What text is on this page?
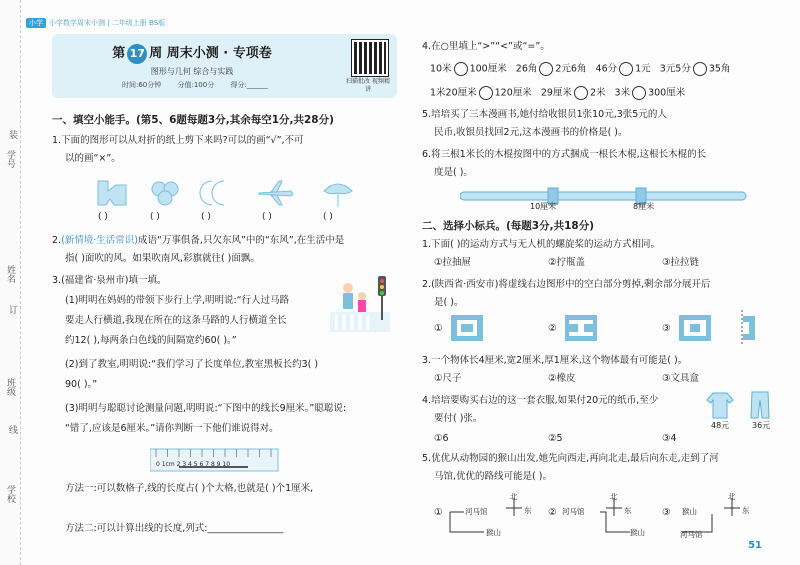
学号
姓名
班级
学校
装
订
线
小学 小学数学周末小测 | 二年级上册 BS版
第 17 周 周末小测 · 专项卷
图形与几何 综合与实践
时间:60分钟 分值:100分 得分:______	扫描批改 视频精讲
一、填空小能手。(第5、6题每题3分,其余每空1分,共28分)
1.下面的图形可以从对折的纸上剪下来吗?可以的画“√”,不可
以的画“×”。
( )	( )	( )	( )	( )
2.(新情境·生活常识)成语“万事俱备,只欠东风”中的“东风”,在生活中是
指( )面吹的风。如果吹南风,彩旗就往( )面飘。
3.(福建省·泉州市)填一填。
(1)明明在妈妈的带领下步行上学,明明说:“行人过马路
要走人行横道,我现在所在的这条马路的人行横道全长
约12( ),每两条白色线的间隔宽约60( )。”
(2)到了教室,明明说:“我们学习了长度单位,教室黑板长约3( )
90( )。”
(3)明明与聪聪讨论测量问题,明明说:“下图中的线长9厘米。”聪聪说:
“错了,应该是6厘米。”请你判断一下他们谁说得对。
0 1cm 2 3 4 5 6 7 8 9 10
方法一:可以数格子,线的长度占( )个大格,也就是( )个1厘米,
方法二:可以计算出线的长度,列式:________________
4.在○里填上“>”“<”或“=”。
10米 100厘米 26角 2元6角 46分 1元 3元5分 35角
1米20厘米 120厘米 29厘米 2米 3米 300厘米
5.培培买了三本漫画书,她付给收银员1张10元,3张5元的人
民币,收银员找回2元,这本漫画书的价格是( )。
6.将三根1米长的木棍按图中的方式捆成一根长木棍,这根长木棍的长
度是( )。
10厘米	8厘米
二、选择小标兵。(每题3分,共18分)
1.下面( )的运动方式与无人机的螺旋桨的运动方式相同。
①拉抽屉	②拧瓶盖	③拉拉链
2.(陕西省·西安市)将虚线右边图形中的空白部分剪掉,剩余部分展开后
是( )。
①	②	③
3.一个物体长4厘米,宽2厘米,厚1厘米,这个物体最有可能是( )。
①尺子	②橡皮	③文具盒
4.培培要购买右边的这一套衣服,如果付20元的纸币,至少
要付( )张。
①6	②5	③4
48元	36元
5.优优从动物园的猴山出发,她先向西走,再向北走,最后向东走,走到了河
马馆,优优的路线可能是( )。
①	河马馆
猴山
北
东 ② 河马馆
猴山
北
东	③ 猴山
河马馆
北
东
51
